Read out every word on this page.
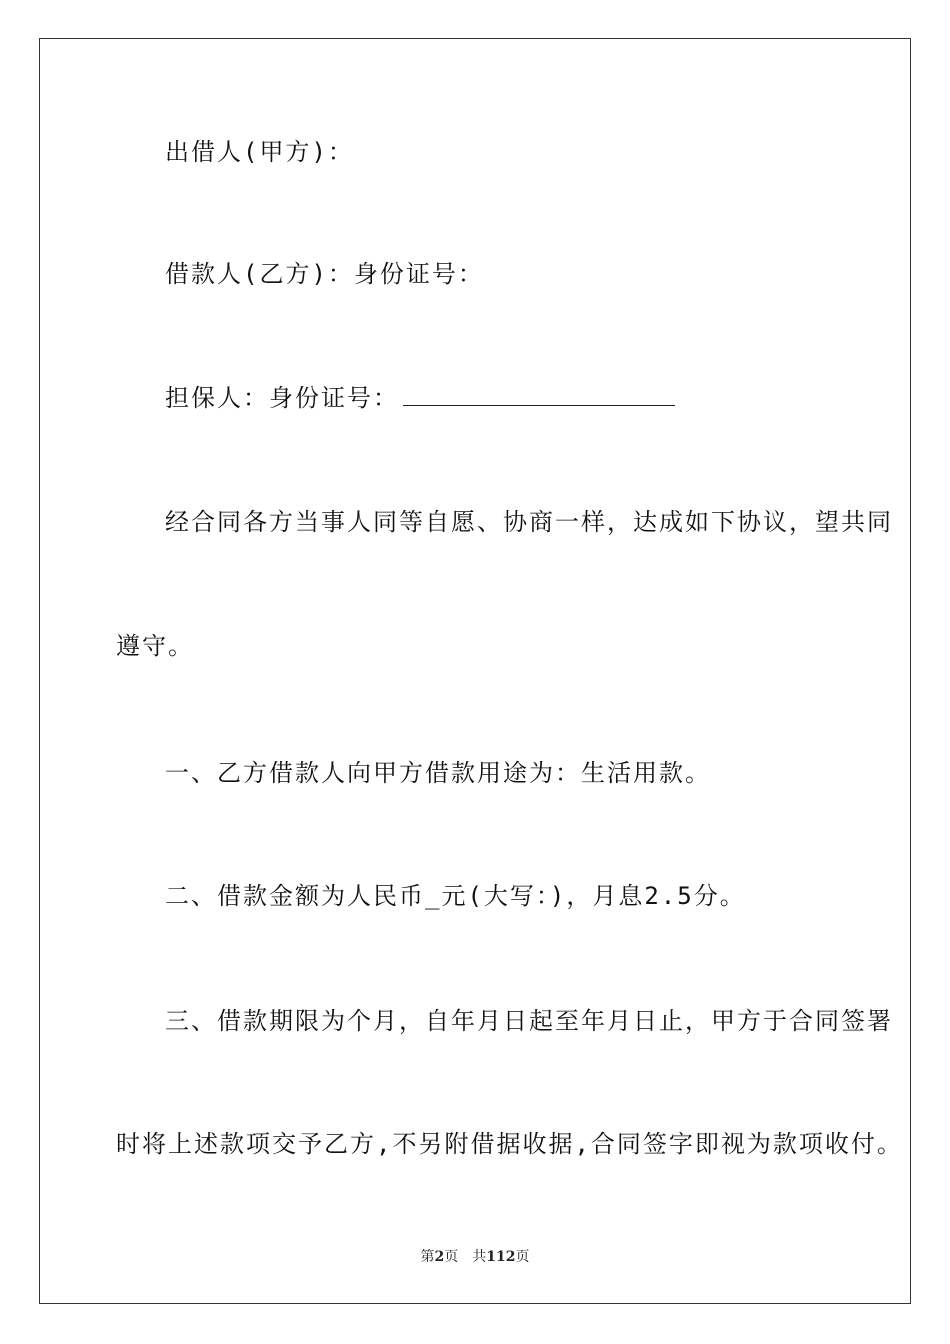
出借人(甲方)：
借款人(乙方)：身份证号：
担保人：身份证号：
经合同各方当事人同等自愿、协商一样，达成如下协议，望共同
遵守。
一、乙方借款人向甲方借款用途为：生活用款。
二、借款金额为人民币_元(大写：)，月息2.5分。
三、借款期限为个月，自年月日起至年月日止，甲方于合同签署
时将上述款项交予乙方,不另附借据收据,合同签字即视为款项收付。
第2页 共112页
